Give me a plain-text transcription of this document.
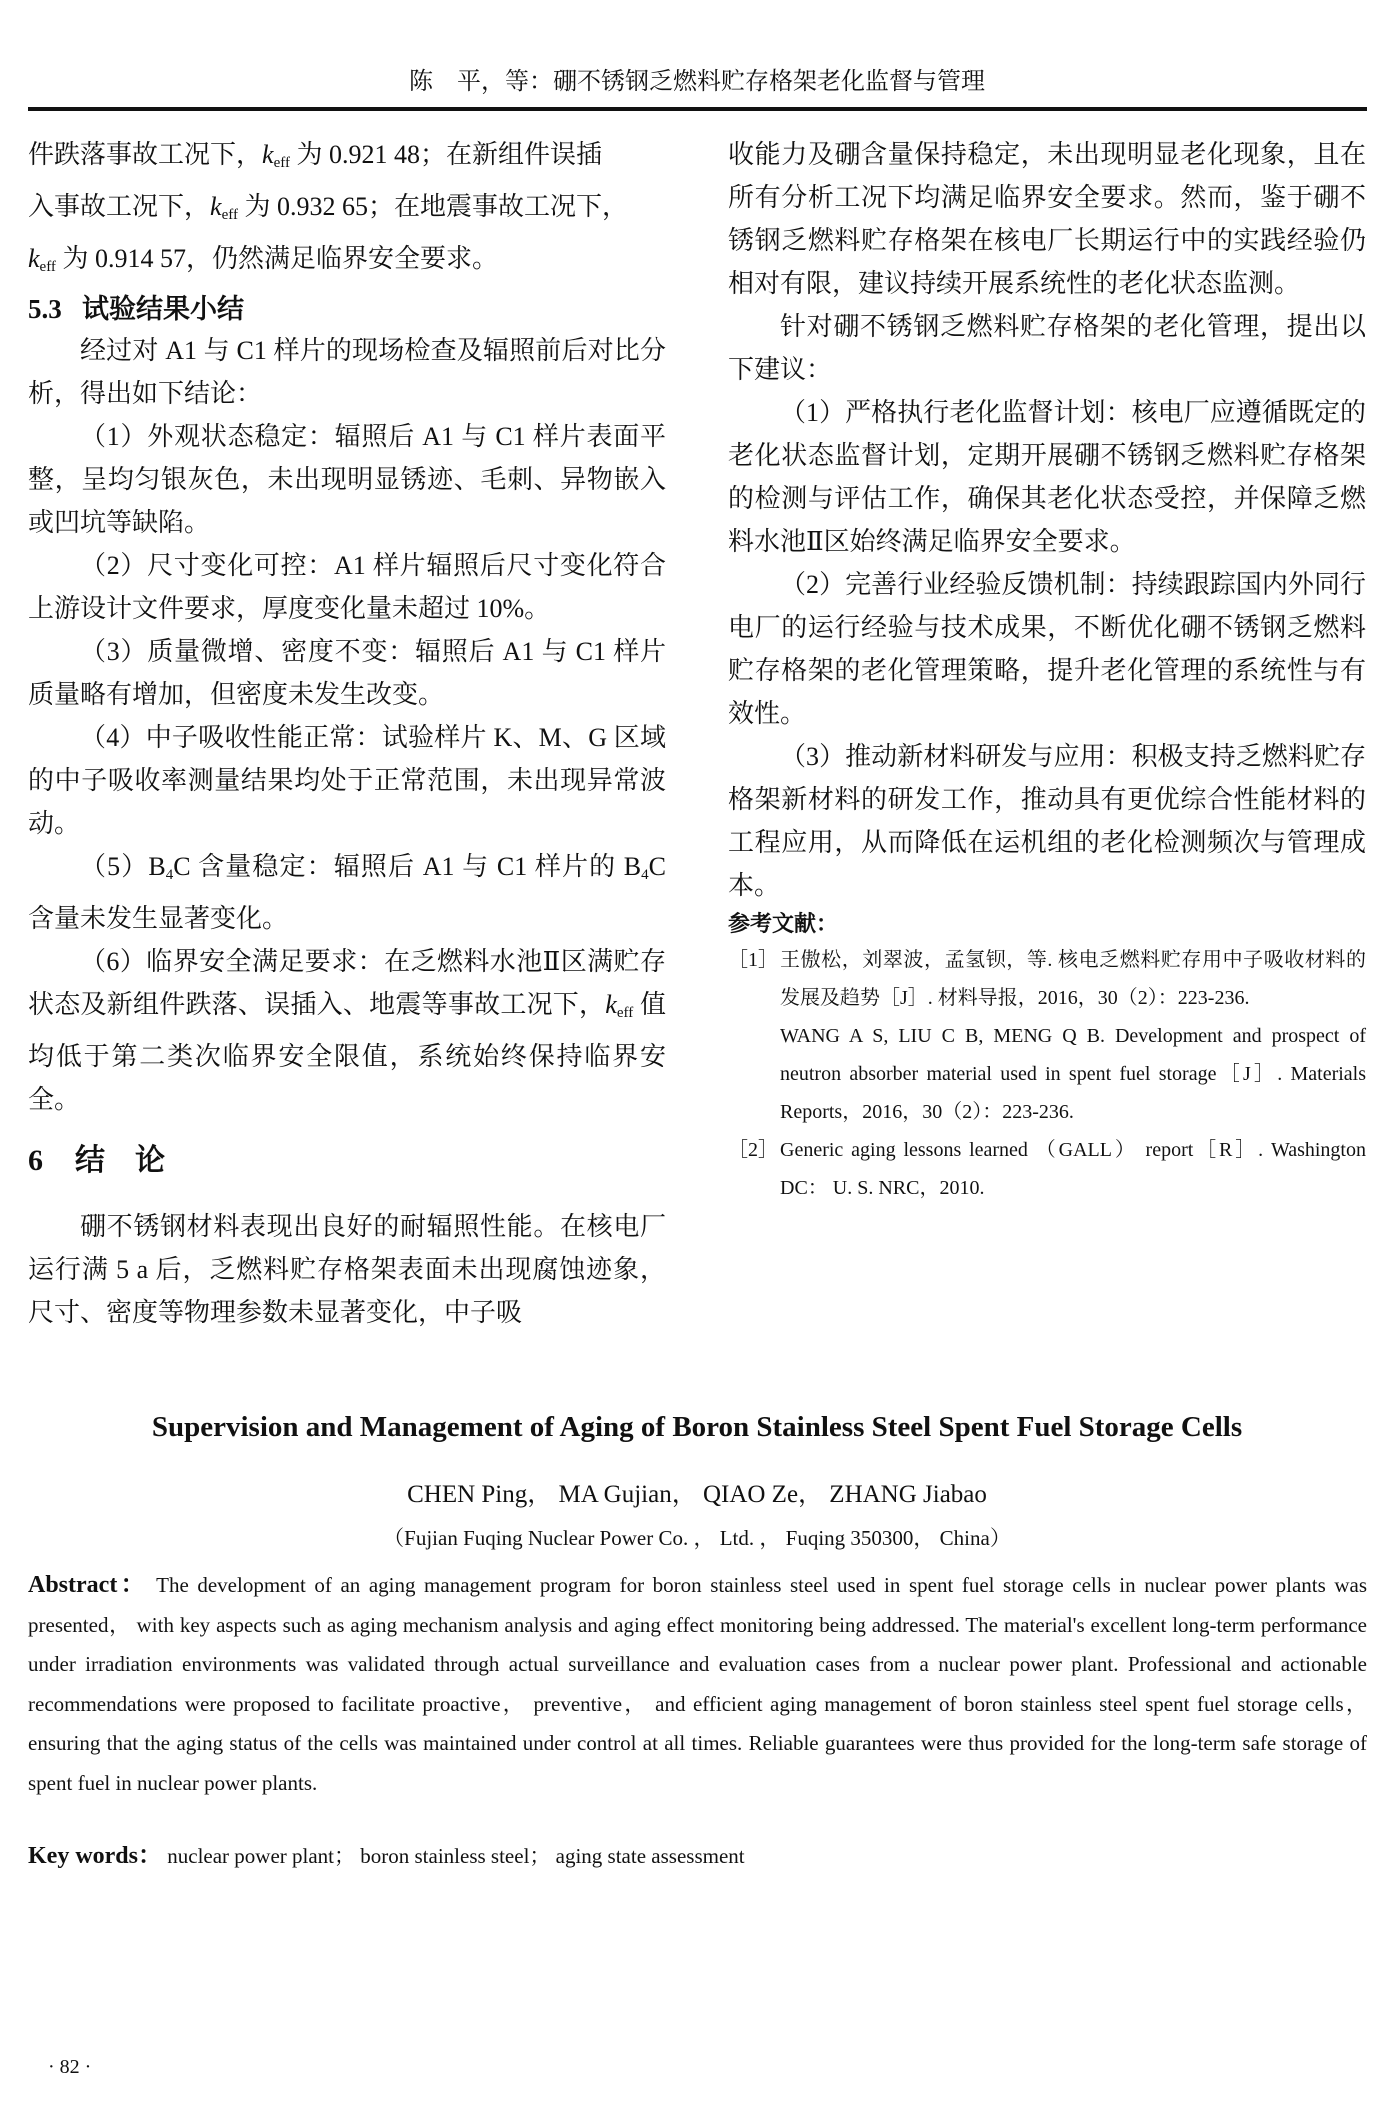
陈　平，等：硼不锈钢乏燃料贮存格架老化监督与管理

件跌落事故工况下，$k_{eff}$ 为 0.921 48；在新组件误插

入事故工况下，$k_{eff}$ 为 0.932 65；在地震事故工况下，

$k_{eff}$ 为 0.914 57，仍然满足临界安全要求。

5.3 试验结果小结

经过对 A1 与 C1 样片的现场检查及辐照前后对比分析，得出如下结论：

（1）外观状态稳定：辐照后 A1 与 C1 样片表面平整，呈均匀银灰色，未出现明显锈迹、毛刺、异物嵌入或凹坑等缺陷。

（2）尺寸变化可控：A1 样片辐照后尺寸变化符合上游设计文件要求，厚度变化量未超过 10%。

（3）质量微增、密度不变：辐照后 A1 与 C1 样片质量略有增加，但密度未发生改变。

（4）中子吸收性能正常：试验样片 K、M、G 区域的中子吸收率测量结果均处于正常范围，未出现异常波动。

$(5)B_4C$ 含量稳定：辐照后 A1 与 C1 样片的 $B_4C$ 含量未发生显著变化。

（6）临界安全满足要求：在乏燃料水池Ⅱ区满贮存状态及新组件跌落、误插入、地震等事故工况下，$k_{eff}$ 值均低于第二类次临界安全限值，系统始终保持临界安全。

6 结　论

硼不锈钢材料表现出良好的耐辐照性能。在核电厂运行满 5 a 后，乏燃料贮存格架表面未出现腐蚀迹象，尺寸、密度等物理参数未显著变化，中子吸

收能力及硼含量保持稳定，未出现明显老化现象，且在所有分析工况下均满足临界安全要求。然而，鉴于硼不锈钢乏燃料贮存格架在核电厂长期运行中的实践经验仍相对有限，建议持续开展系统性的老化状态监测。

针对硼不锈钢乏燃料贮存格架的老化管理，提出以下建议：

（1）严格执行老化监督计划：核电厂应遵循既定的老化状态监督计划，定期开展硼不锈钢乏燃料贮存格架的检测与评估工作，确保其老化状态受控，并保障乏燃料水池Ⅱ区始终满足临界安全要求。

（2）完善行业经验反馈机制：持续跟踪国内外同行电厂的运行经验与技术成果，不断优化硼不锈钢乏燃料贮存格架的老化管理策略，提升老化管理的系统性与有效性。

（3）推动新材料研发与应用：积极支持乏燃料贮存格架新材料的研发工作，推动具有更优综合性能材料的工程应用，从而降低在运机组的老化检测频次与管理成本。

参考文献：

［1］ 王傲松，刘翠波，孟氢钡，等. 核电乏燃料贮存用中子吸收材料的发展及趋势［J］. 材料导报，2016，30（2）：223-236.
WANG A S, LIU C B, MENG Q B. Development and prospect of neutron absorber material used in spent fuel storage［J］. Materials Reports，2016，30（2）：223-236.
［2］ Generic aging lessons learned （GALL） report［R］. Washington DC： U. S. NRC，2010.
Supervision and Management of Aging of Boron Stainless Steel Spent Fuel Storage Cells
CHEN Ping， MA Gujian， QIAO Ze， ZHANG Jiabao
（Fujian Fuqing Nuclear Power Co. ， Ltd. ， Fuqing 350300， China）
Abstract： The development of an aging management program for boron stainless steel used in spent fuel storage cells in nuclear power plants was presented， with key aspects such as aging mechanism analysis and aging effect monitoring being addressed. The material's excellent long-term performance under irradiation environments was validated through actual surveillance and evaluation cases from a nuclear power plant. Professional and actionable recommendations were proposed to facilitate proactive， preventive， and efficient aging management of boron stainless steel spent fuel storage cells， ensuring that the aging status of the cells was maintained under control at all times. Reliable guarantees were thus provided for the long-term safe storage of spent fuel in nuclear power plants.
Key words： nuclear power plant； boron stainless steel； aging state assessment
· 82 ·
